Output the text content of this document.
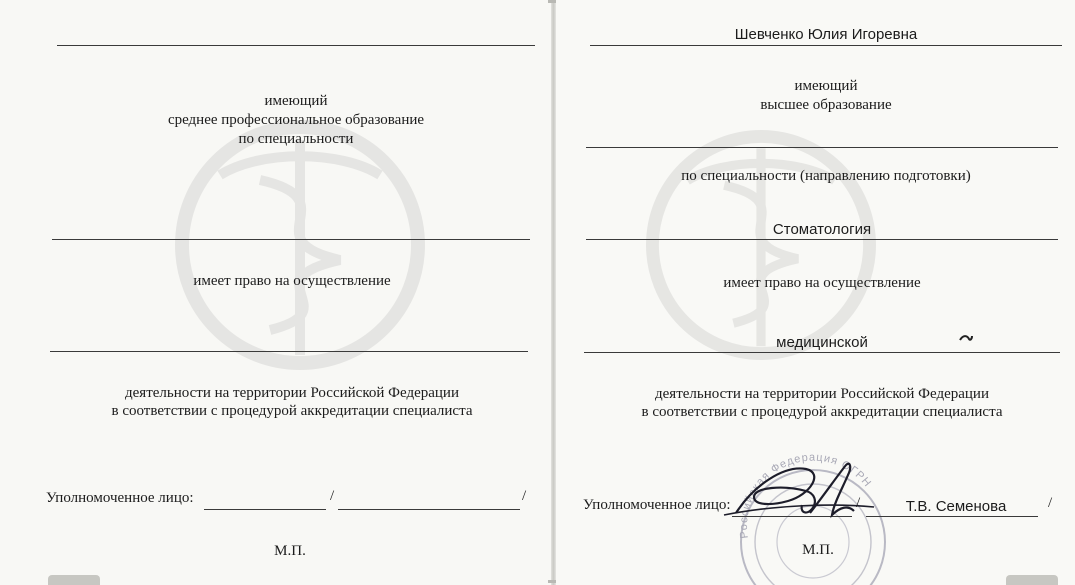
имеющий
среднее профессиональное образование
по специальности
имеет право на осуществление
деятельности на территории Российской Федерации
в соответствии с процедурой аккредитации специалиста
Уполномоченное лицо:	/	/
М.П.
Шевченко Юлия Игоревна
имеющий
высшее образование
по специальности (направлению подготовки)
Стоматология
имеет право на осуществление
медицинской
деятельности на территории Российской Федерации
в соответствии с процедурой аккредитации специалиста
Российская Федерация ОГРН
Уполномоченное лицо:	/	Т.В. Семенова	/
М.П.
